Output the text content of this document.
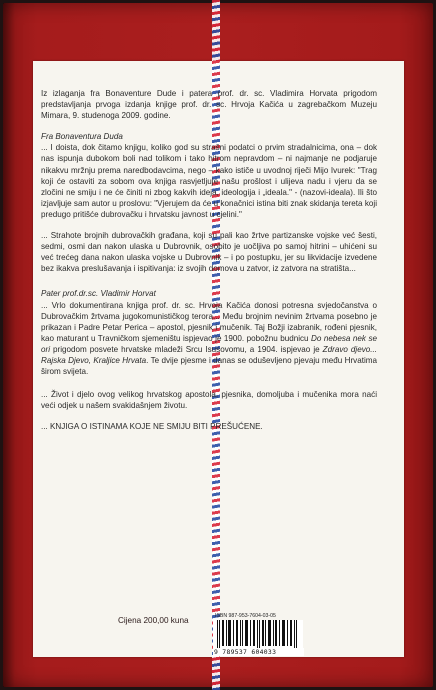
Iz izlaganja fra Bonaventure Dude i patera prof. dr. sc. Vladimira Horvata prigodom predstavljanja prvoga izdanja knjige prof. dr. sc. Hrvoja Kačića u zagrebačkom Muzeju Mimara, 9. studenoga 2009. godine.

Fra Bonaventura Duda

... I doista, dok čitamo knjigu, koliko god su strašni podatci o prvim stradalnicima, ona – dok nas ispunja dubokom boli nad tolikom i tako hitrom nepravdom – ni najmanje ne podjaruje nikakvu mržnju prema naredbodavcima, nego – kako ističe u uvodnoj riječi Mijo Ivurek: "Trag koji će ostaviti za sobom ova knjiga rasvjetljuje našu prošlost i ulijeva nadu i vjeru da se zločini ne smiju i ne će činiti ni zbog kakvih ideja, ideologija i „ideala." - (nazovi-ideala). Ili što izjavljuje sam autor u proslovu: "Vjerujem da će u konačnici istina biti znak skidanja tereta koji predugo pritišće dubrovačku i hrvatsku javnost u cjelini."

... Strahote brojnih dubrovačkih građana, koji su pali kao žrtve partizanske vojske već šesti, sedmi, osmi dan nakon ulaska u Dubrovnik, osobito je uočljiva po samoj hitrini – uhićeni su već trećeg dana nakon ulaska vojske u Dubrovnik – i po postupku, jer su likvidacije izvedene bez ikakva preslušavanja i ispitivanja: iz svojih domova u zatvor, iz zatvora na stratišta...

Pater prof.dr.sc. Vladimir Horvat

... Vrlo dokumentirana knjiga prof. dr. sc. Hrvoja Kačića donosi potresna svjedočanstva o Dubrovačkim žrtvama jugokomunističkog terora... Među brojnim nevinim žrtvama posebno je prikazan i Padre Petar Perica – apostol, pjesnik i mučenik. Taj Božji izabranik, rođeni pjesnik, kao maturant u Travničkom sjemeništu ispjevao je 1900. pobožnu budnicu Do nebesa nek se ori prigodom posvete hrvatske mladeži Srcu Isusovomu, a 1904. ispjevao je Zdravo djevo... Rajska Djevo, Kraljice Hrvata. Te dvije pjesme i danas se oduševljeno pjevaju među Hrvatima širom svijeta.

... Život i djelo ovog velikog hrvatskog apostola, pjesnika, domoljuba i mučenika mora naći veći odjek u našem svakidašnjem životu.

... KNJIGA O ISTINAMA KOJE NE SMIJU BITI PREŠUĆENE.

Cijena 200,00 kuna	ISBN 987-953-7604-03-05
9 789537 604033
